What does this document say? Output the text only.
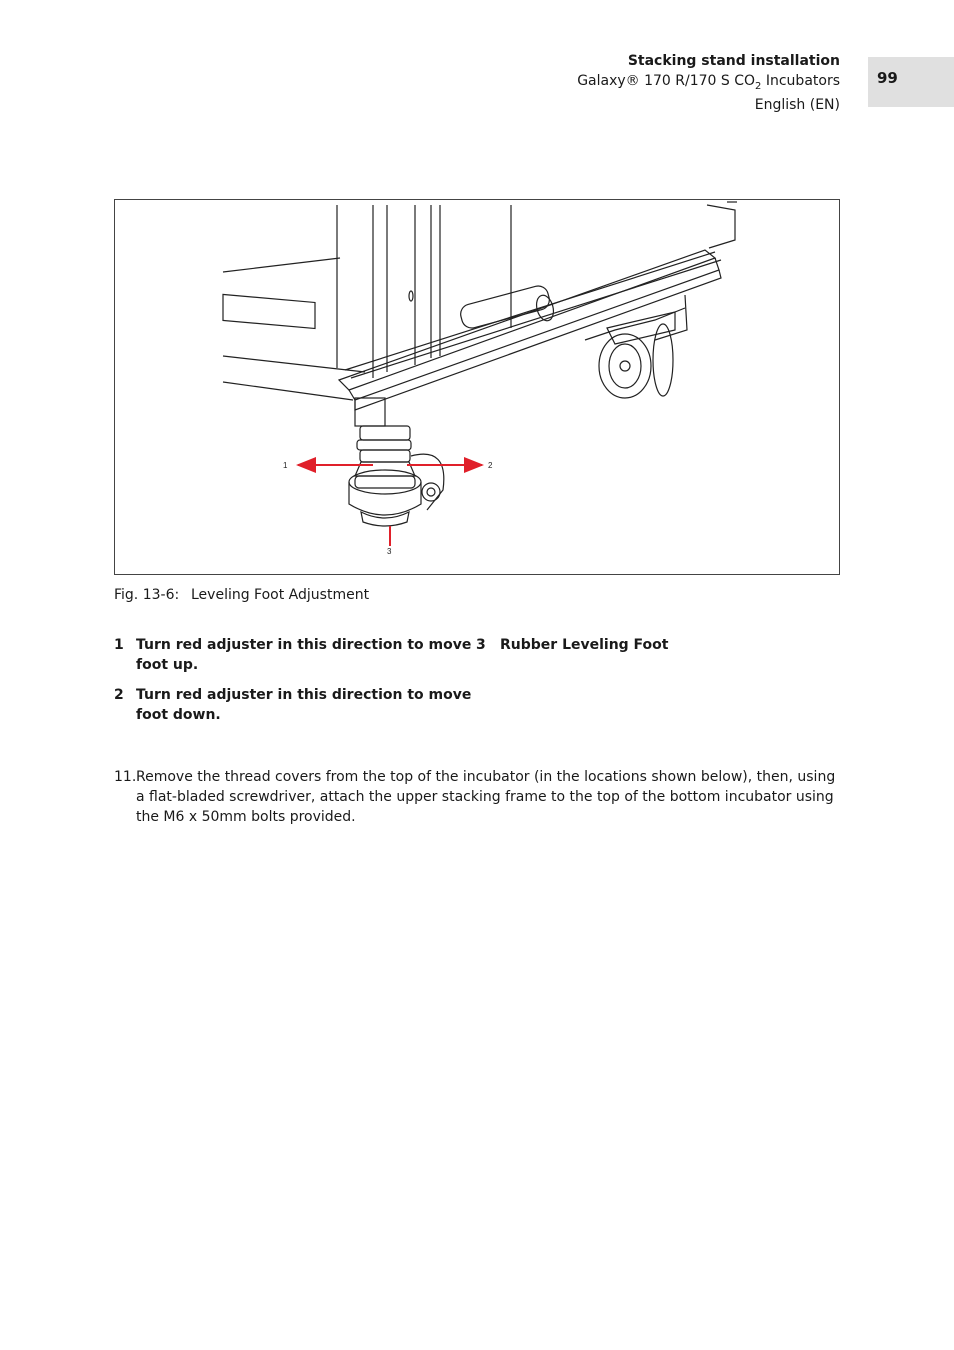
Stacking stand installation
Galaxy® 170 R/170 S $CO_2$ Incubators
English (EN)
99
1	2
3
Fig. 13-6: Leveling Foot Adjustment
1 Turn red adjuster in this direction to move foot up.
2 Turn red adjuster in this direction to move foot down.
3 Rubber Leveling Foot
11. Remove the thread covers from the top of the incubator (in the locations shown below), then, using a flat-bladed screwdriver, attach the upper stacking frame to the top of the bottom incubator using the M6 x 50mm bolts provided.
